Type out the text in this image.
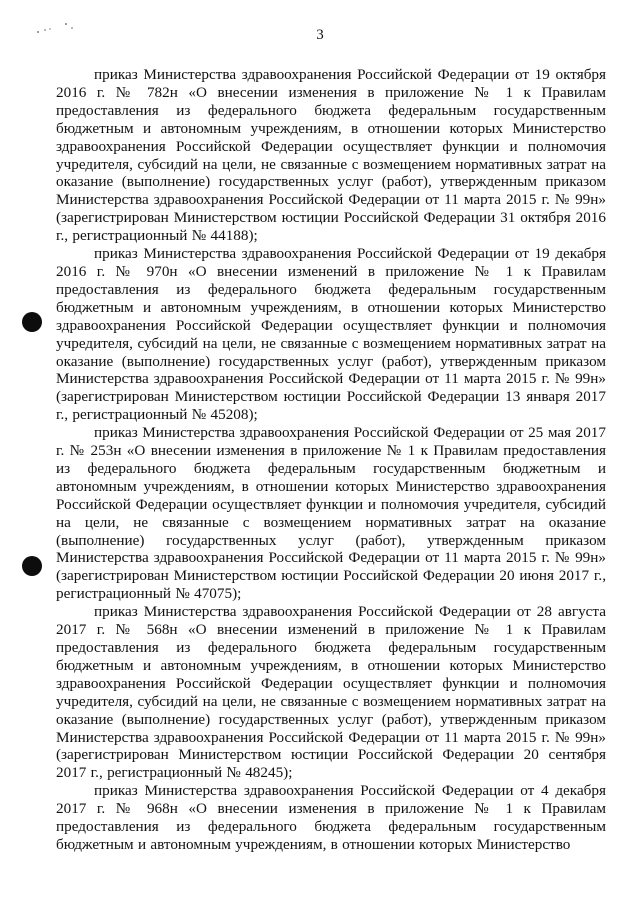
3

приказ Министерства здравоохранения Российской Федерации от 19 октября 2016 г. № 782н «О внесении изменения в приложение № 1 к Правилам предоставления из федерального бюджета федеральным государственным бюджетным и автономным учреждениям, в отношении которых Министерство здравоохранения Российской Федерации осуществляет функции и полномочия учредителя, субсидий на цели, не связанные с возмещением нормативных затрат на оказание (выполнение) государственных услуг (работ), утвержденным приказом Министерства здравоохранения Российской Федерации от 11 марта 2015 г. № 99н» (зарегистрирован Министерством юстиции Российской Федерации 31 октября 2016 г., регистрационный № 44188);

приказ Министерства здравоохранения Российской Федерации от 19 декабря 2016 г. № 970н «О внесении изменений в приложение № 1 к Правилам предоставления из федерального бюджета федеральным государственным бюджетным и автономным учреждениям, в отношении которых Министерство здравоохранения Российской Федерации осуществляет функции и полномочия учредителя, субсидий на цели, не связанные с возмещением нормативных затрат на оказание (выполнение) государственных услуг (работ), утвержденным приказом Министерства здравоохранения Российской Федерации от 11 марта 2015 г. № 99н» (зарегистрирован Министерством юстиции Российской Федерации 13 января 2017 г., регистрационный № 45208);

приказ Министерства здравоохранения Российской Федерации от 25 мая 2017 г. № 253н «О внесении изменения в приложение № 1 к Правилам предоставления из федерального бюджета федеральным государственным бюджетным и автономным учреждениям, в отношении которых Министерство здравоохранения Российской Федерации осуществляет функции и полномочия учредителя, субсидий на цели, не связанные с возмещением нормативных затрат на оказание (выполнение) государственных услуг (работ), утвержденным приказом Министерства здравоохранения Российской Федерации от 11 марта 2015 г. № 99н» (зарегистрирован Министерством юстиции Российской Федерации 20 июня 2017 г., регистрационный № 47075);

приказ Министерства здравоохранения Российской Федерации от 28 августа 2017 г. № 568н «О внесении изменений в приложение № 1 к Правилам предоставления из федерального бюджета федеральным государственным бюджетным и автономным учреждениям, в отношении которых Министерство здравоохранения Российской Федерации осуществляет функции и полномочия учредителя, субсидий на цели, не связанные с возмещением нормативных затрат на оказание (выполнение) государственных услуг (работ), утвержденным приказом Министерства здравоохранения Российской Федерации от 11 марта 2015 г. № 99н» (зарегистрирован Министерством юстиции Российской Федерации 20 сентября 2017 г., регистрационный № 48245);

приказ Министерства здравоохранения Российской Федерации от 4 декабря 2017 г. № 968н «О внесении изменения в приложение № 1 к Правилам предоставления из федерального бюджета федеральным государственным бюджетным и автономным учреждениям, в отношении которых Министерство
